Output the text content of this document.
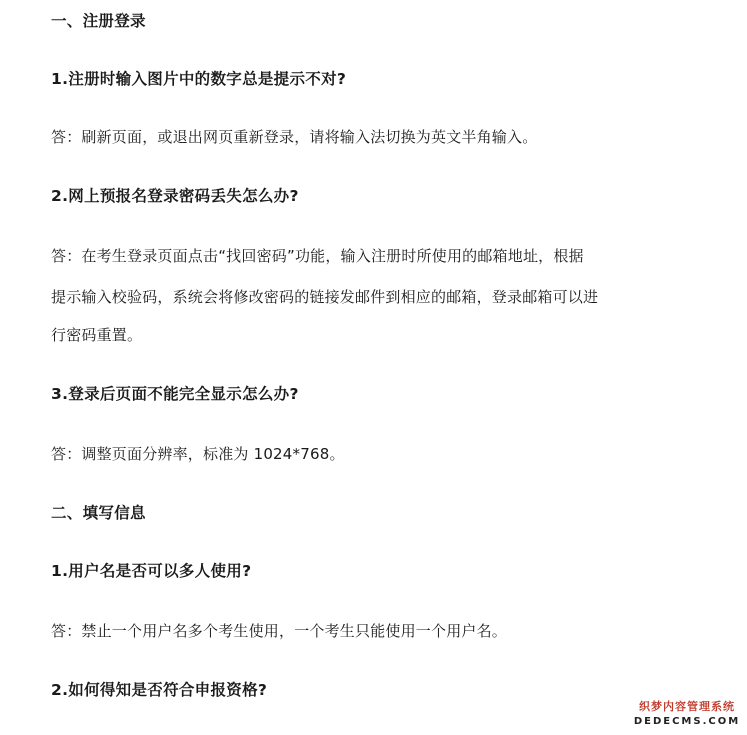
一、注册登录
1.注册时输入图片中的数字总是提示不对?
答：刷新页面，或退出网页重新登录，请将输入法切换为英文半角输入。
2.网上预报名登录密码丢失怎么办?
答：在考生登录页面点击“找回密码”功能，输入注册时所使用的邮箱地址，根据
提示输入校验码，系统会将修改密码的链接发邮件到相应的邮箱，登录邮箱可以进
行密码重置。
3.登录后页面不能完全显示怎么办?
答：调整页面分辨率，标准为 1024*768。
二、填写信息
1.用户名是否可以多人使用?
答：禁止一个用户名多个考生使用，一个考生只能使用一个用户名。
2.如何得知是否符合申报资格?
织梦内容管理系统
DEDECMS.COM
